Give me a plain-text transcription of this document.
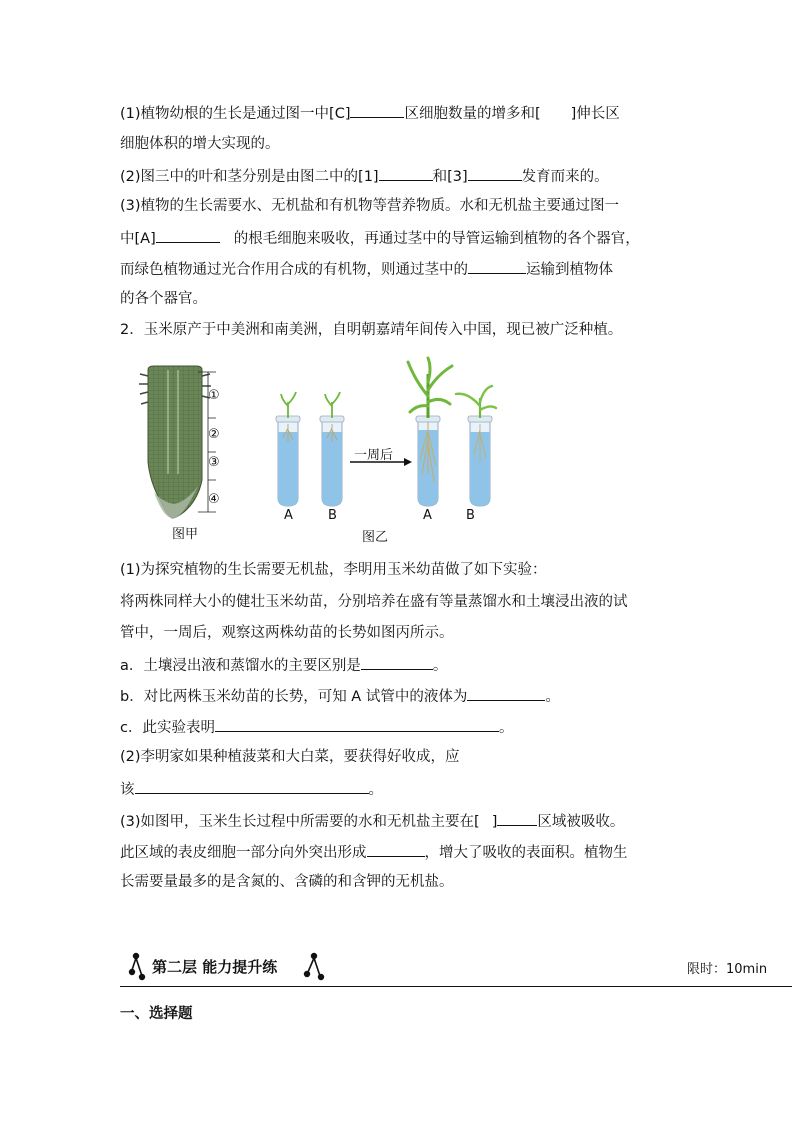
(1)植物幼根的生长是通过图一中[C]	区细胞数量的增多和[ ]伸长区
细胞体积的增大实现的。
(2)图三中的叶和茎分别是由图二中的[1]	和[3]	发育而来的。
(3)植物的生长需要水、无机盐和有机物等营养物质。水和无机盐主要通过图一
中[A]	的根毛细胞来吸收，再通过茎中的导管运输到植物的各个器官，
而绿色植物通过光合作用合成的有机物，则通过茎中的	运输到植物体
的各个器官。
2．玉米原产于中美洲和南美洲，自明朝嘉靖年间传入中国，现已被广泛种植。
①
②
③
④
图甲
一周后
A	B	A	B
图乙
(1)为探究植物的生长需要无机盐，李明用玉米幼苗做了如下实验：
将两株同样大小的健壮玉米幼苗，分别培养在盛有等量蒸馏水和土壤浸出液的试
管中，一周后，观察这两株幼苗的长势如图丙所示。
a．土壤浸出液和蒸馏水的主要区别是	。
b．对比两株玉米幼苗的长势，可知 A 试管中的液体为	。
c．此实验表明	。
(2)李明家如果种植菠菜和大白菜，要获得好收成，应
该	。
(3)如图甲，玉米生长过程中所需要的水和无机盐主要在[ ]	区域被吸收。
此区域的表皮细胞一部分向外突出形成	，增大了吸收的表面积。植物生
长需要量最多的是含氮的、含磷的和含钾的无机盐。
第二层 能力提升练	限时：10min
一、选择题
